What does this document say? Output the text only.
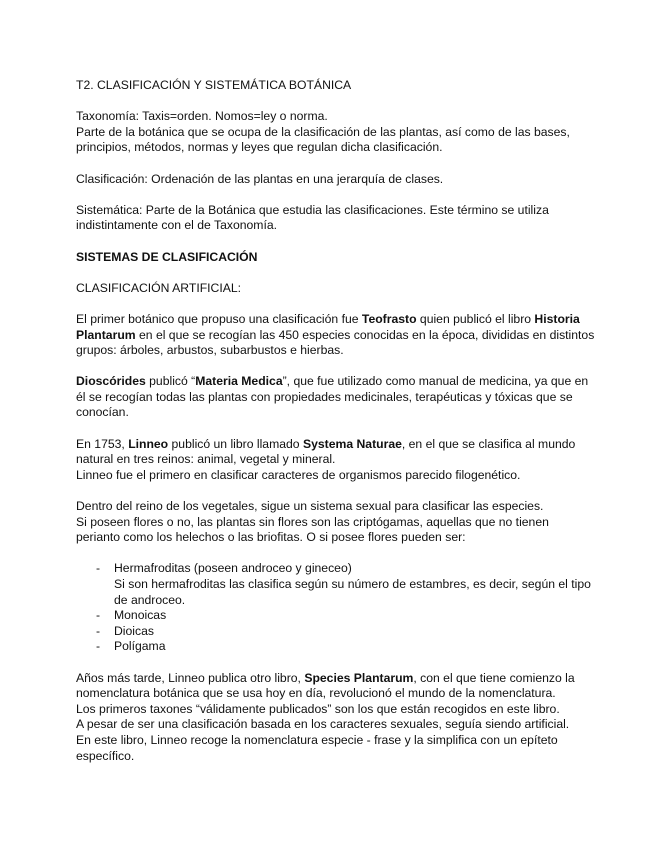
T2. CLASIFICACIÓN Y SISTEMÁTICA BOTÁNICA
Taxonomía: Taxis=orden. Nomos=ley o norma.
Parte de la botánica que se ocupa de la clasificación de las plantas, así como de las bases,
principios, métodos, normas y leyes que regulan dicha clasificación.
Clasificación: Ordenación de las plantas en una jerarquía de clases.
Sistemática: Parte de la Botánica que estudia las clasificaciones. Este término se utiliza
indistintamente con el de Taxonomía.
SISTEMAS DE CLASIFICACIÓN
CLASIFICACIÓN ARTIFICIAL:
El primer botánico que propuso una clasificación fue Teofrasto quien publicó el libro Historia
Plantarum en el que se recogían las 450 especies conocidas en la época, divididas en distintos
grupos: árboles, arbustos, subarbustos e hierbas.
Dioscórides publicó “Materia Medica”, que fue utilizado como manual de medicina, ya que en
él se recogían todas las plantas con propiedades medicinales, terapéuticas y tóxicas que se
conocían.
En 1753, Linneo publicó un libro llamado Systema Naturae, en el que se clasifica al mundo
natural en tres reinos: animal, vegetal y mineral.
Linneo fue el primero en clasificar caracteres de organismos parecido filogenético.
Dentro del reino de los vegetales, sigue un sistema sexual para clasificar las especies.
Si poseen flores o no, las plantas sin flores son las criptógamas, aquellas que no tienen
perianto como los helechos o las briofitas. O si posee flores pueden ser:
- Hermafroditas (poseen androceo y gineceo)
Si son hermafroditas las clasifica según su número de estambres, es decir, según el tipo
de androceo.
- Monoicas
- Dioicas
- Polígama
Años más tarde, Linneo publica otro libro, Species Plantarum, con el que tiene comienzo la
nomenclatura botánica que se usa hoy en día, revolucionó el mundo de la nomenclatura.
Los primeros taxones “válidamente publicados” son los que están recogidos en este libro.
A pesar de ser una clasificación basada en los caracteres sexuales, seguía siendo artificial.
En este libro, Linneo recoge la nomenclatura especie - frase y la simplifica con un epíteto
específico.
